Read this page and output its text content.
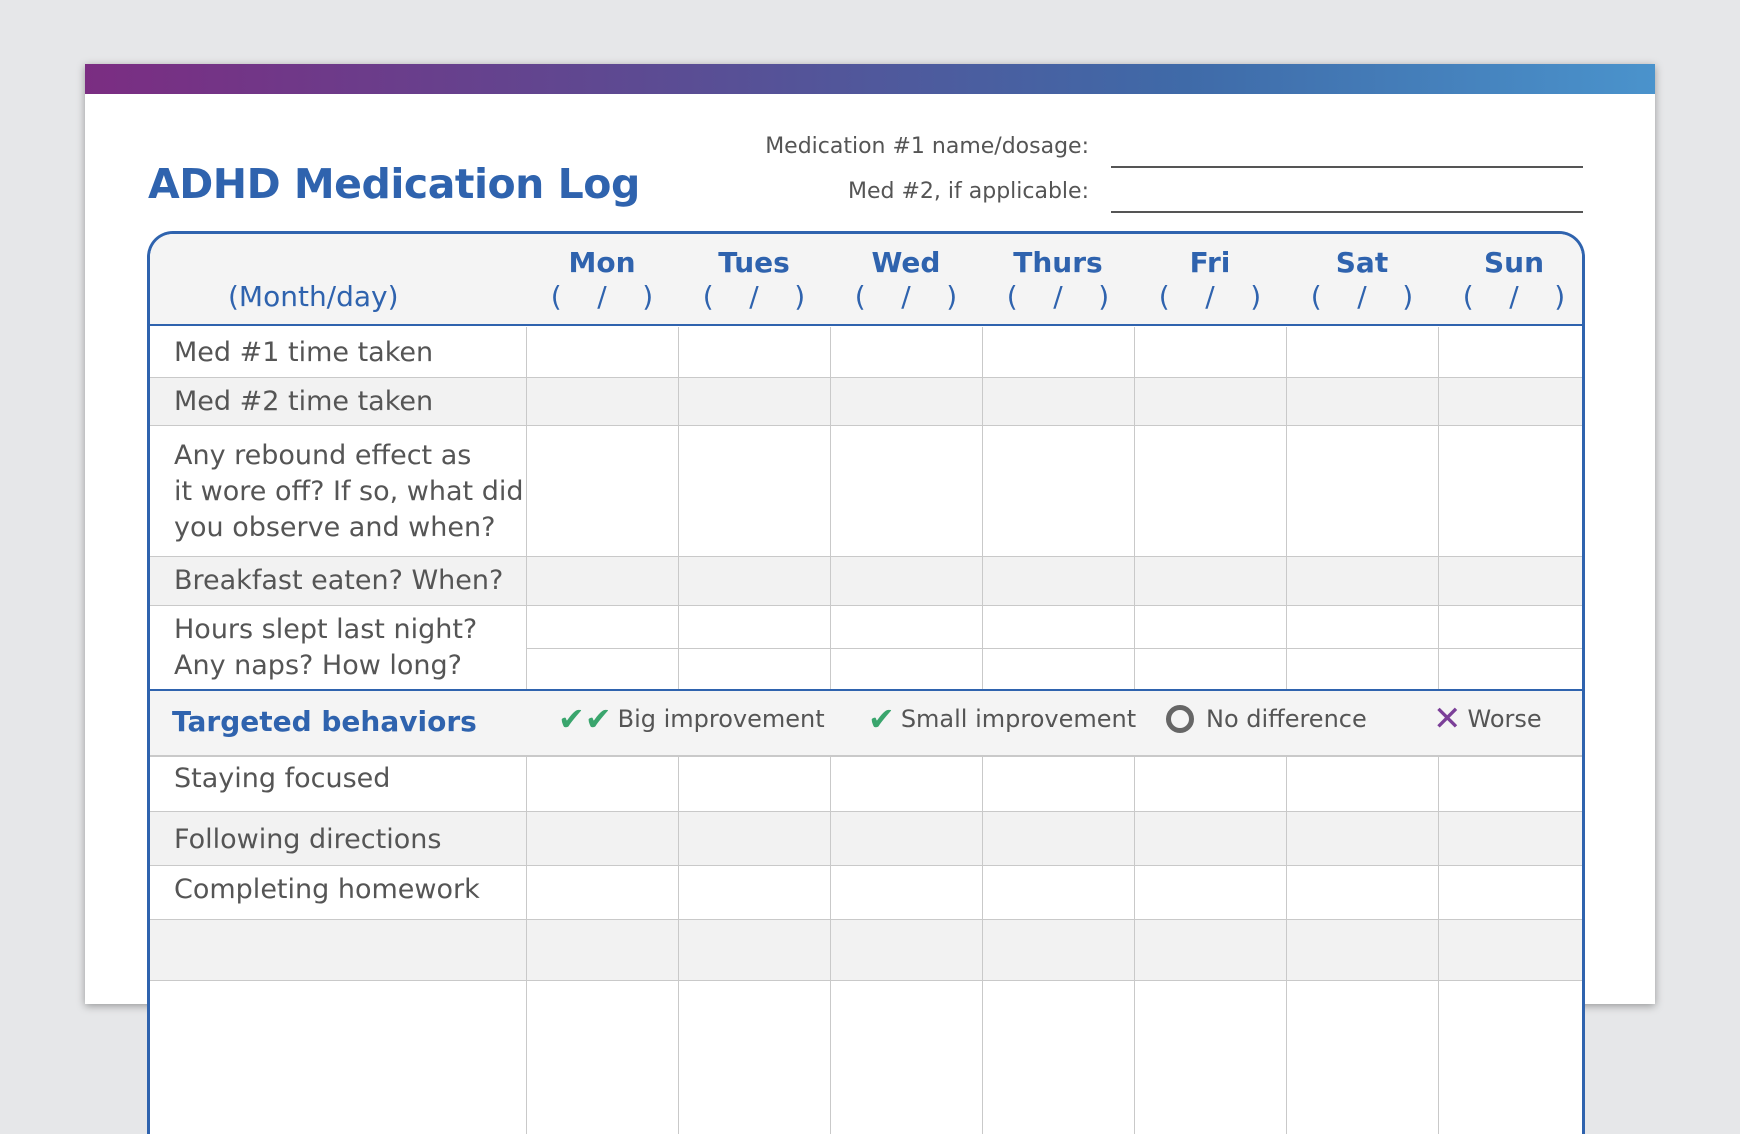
ADHD Medication Log
Medication #1 name/dosage:
Med #2, if applicable:
(Month/day)
Mon
(    /    )
Tues
(    /    )
Wed
(    /    )
Thurs
(    /    )
Fri
(    /    )
Sat
(    /    )
Sun
(    /    )
Med #1 time taken
Med #2 time taken
Any rebound effect as
it wore off? If so, what did
you observe and when?
Breakfast eaten? When?
Hours slept last night?
Any naps? How long?
Targeted behaviors	✔✔ Big improvement ✔ Small improvement	No difference ✕ Worse
Staying focused
Following directions
Completing homework
